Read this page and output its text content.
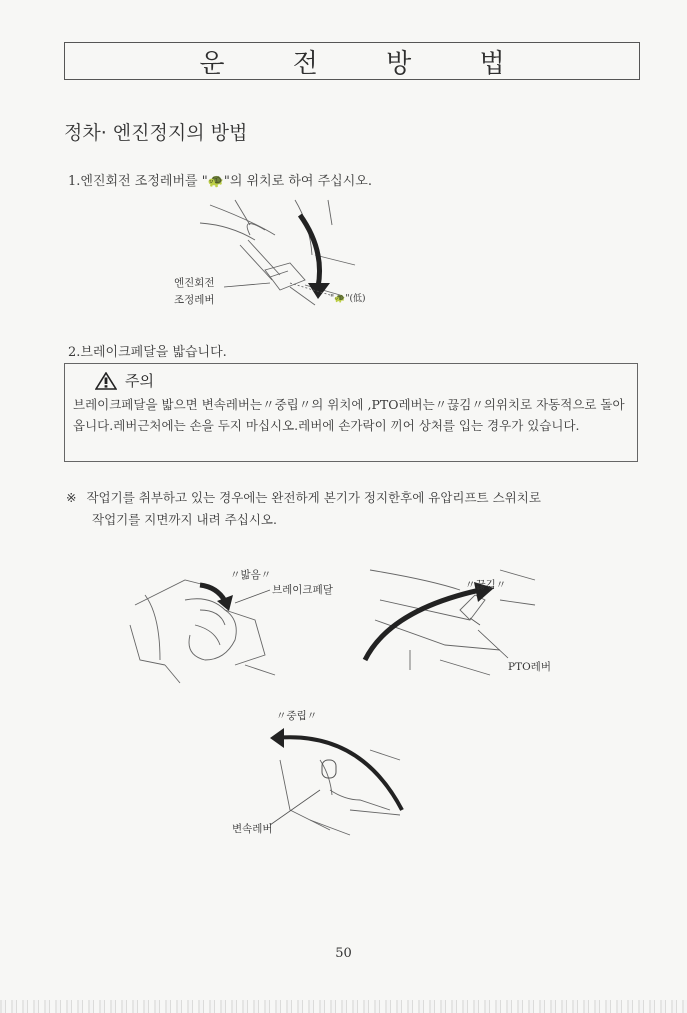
운 전 방 법
정차· 엔진정지의 방법
1.엔진회전 조정레버를 "🐢"의 위치로 하여 주십시오.
엔진회전
조정레버	"🐢"(低)
2.브레이크페달을 밟습니다.
주의
브레이크페달을 밟으면 변속레버는〃중립〃의 위치에 ,PTO레버는〃끊김〃의위치로 자동적으로 돌아옵니다.레버근처에는 손을 두지 마십시오.레버에 손가락이 끼어 상처를 입는 경우가 있습니다.
※ 작업기를 취부하고 있는 경우에는 완전하게 본기가 정지한후에 유압리프트 스위치로
작업기를 지면까지 내려 주십시오.
〃밟음〃
브레이크페달	〃끊김〃
PTO레버
〃중립〃
변속레버
50
